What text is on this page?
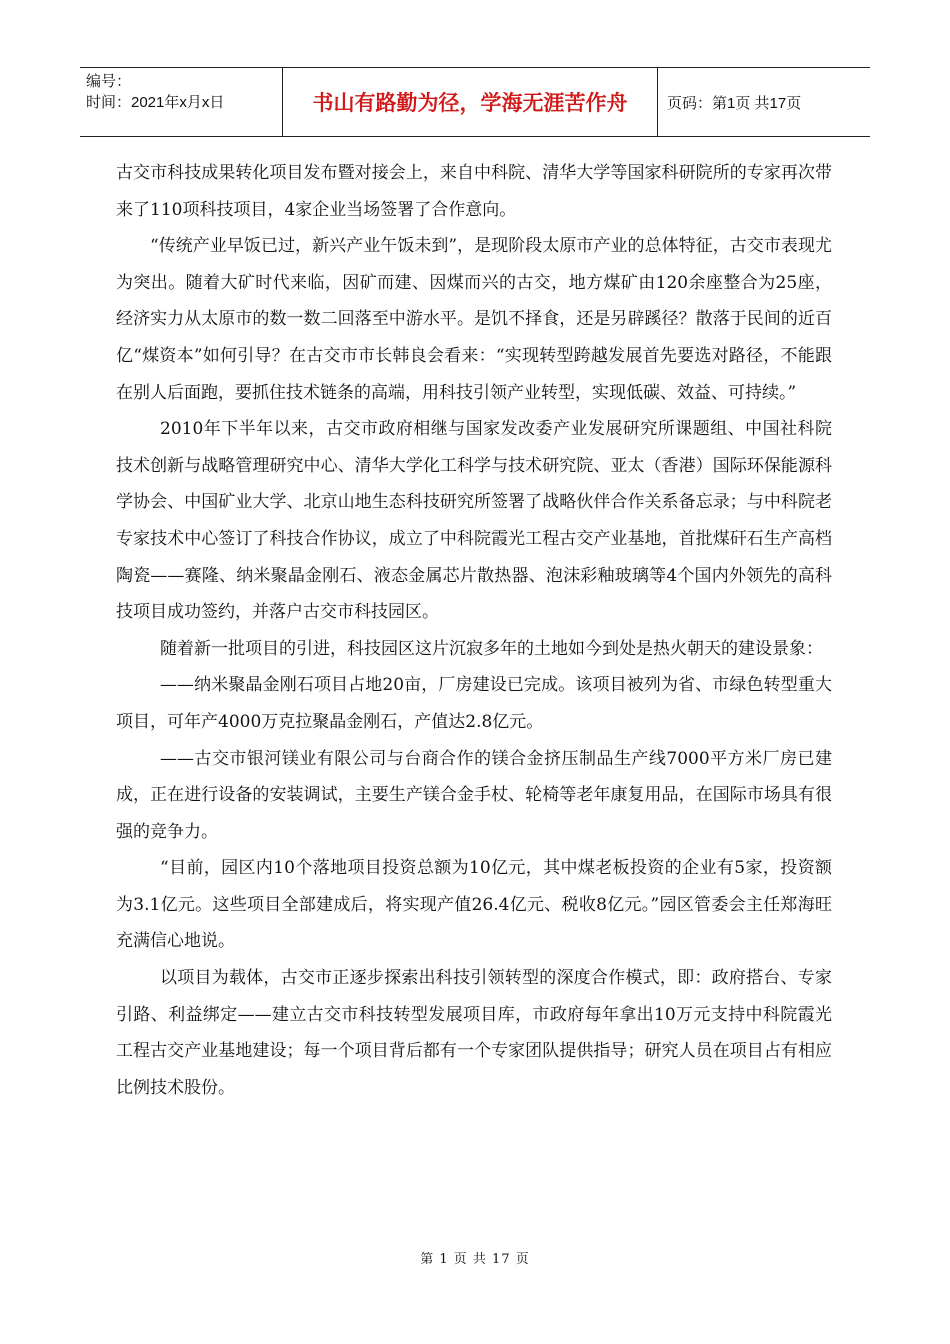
编号：
时间：2021年x月x日	书山有路勤为径，学海无涯苦作舟	页码：第1页 共17页

古交市科技成果转化项目发布暨对接会上，来自中科院、清华大学等国家科研院所的专家再次带来了110项科技项目，4家企业当场签署了合作意向。

“传统产业早饭已过，新兴产业午饭未到”，是现阶段太原市产业的总体特征，古交市表现尤为突出。随着大矿时代来临，因矿而建、因煤而兴的古交，地方煤矿由120余座整合为25座，经济实力从太原市的数一数二回落至中游水平。是饥不择食，还是另辟蹊径？散落于民间的近百亿“煤资本”如何引导？在古交市市长韩良会看来：“实现转型跨越发展首先要选对路径，不能跟在别人后面跑，要抓住技术链条的高端，用科技引领产业转型，实现低碳、效益、可持续。”

2010年下半年以来，古交市政府相继与国家发改委产业发展研究所课题组、中国社科院技术创新与战略管理研究中心、清华大学化工科学与技术研究院、亚太（香港）国际环保能源科学协会、中国矿业大学、北京山地生态科技研究所签署了战略伙伴合作关系备忘录；与中科院老专家技术中心签订了科技合作协议，成立了中科院霞光工程古交产业基地，首批煤矸石生产高档陶瓷——赛隆、纳米聚晶金刚石、液态金属芯片散热器、泡沫彩釉玻璃等4个国内外领先的高科技项目成功签约，并落户古交市科技园区。

随着新一批项目的引进，科技园区这片沉寂多年的土地如今到处是热火朝天的建设景象：

——纳米聚晶金刚石项目占地20亩，厂房建设已完成。该项目被列为省、市绿色转型重大项目，可年产4000万克拉聚晶金刚石，产值达2.8亿元。

——古交市银河镁业有限公司与台商合作的镁合金挤压制品生产线7000平方米厂房已建成，正在进行设备的安装调试，主要生产镁合金手杖、轮椅等老年康复用品，在国际市场具有很强的竞争力。

“目前，园区内10个落地项目投资总额为10亿元，其中煤老板投资的企业有5家，投资额为3.1亿元。这些项目全部建成后，将实现产值26.4亿元、税收8亿元。”园区管委会主任郑海旺充满信心地说。

以项目为载体，古交市正逐步探索出科技引领转型的深度合作模式，即：政府搭台、专家引路、利益绑定——建立古交市科技转型发展项目库，市政府每年拿出10万元支持中科院霞光工程古交产业基地建设；每一个项目背后都有一个专家团队提供指导；研究人员在项目占有相应比例技术股份。

第 1 页 共 17 页
